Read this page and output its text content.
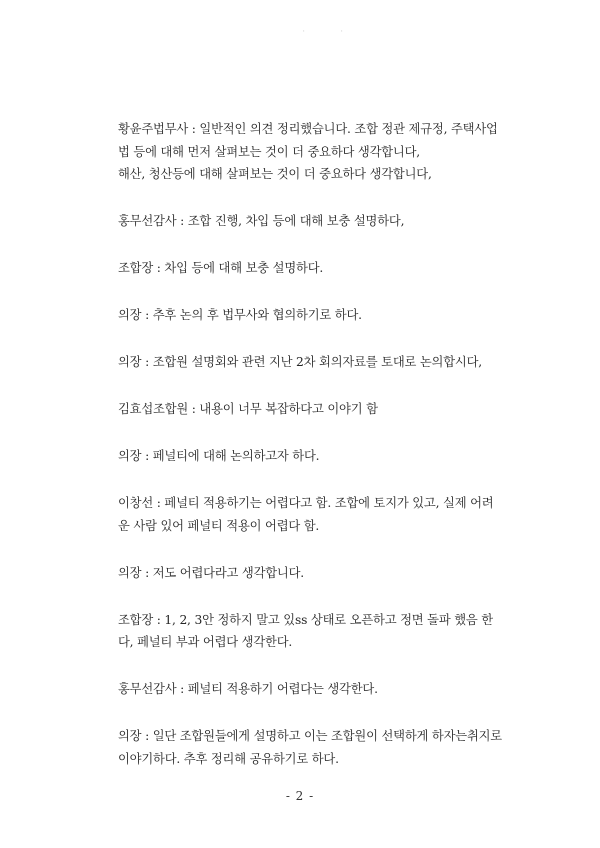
'	'

황윤주법무사 : 일반적인 의견 정리했습니다. 조합 정관 제규정, 주택사업
법 등에 대해 먼저 살펴보는 것이 더 중요하다 생각합니다,
해산, 청산등에 대해 살펴보는 것이 더 중요하다 생각합니다,

홍무선감사 : 조합 진행, 차입 등에 대해 보충 설명하다,

조합장 : 차입 등에 대해 보충 설명하다.

의장 : 추후 논의 후 법무사와 협의하기로 하다.

의장 : 조합원 설명회와 관련 지난 2차 회의자료를 토대로 논의합시다,

김효섭조합원 : 내용이 너무 복잡하다고 이야기 함

의장 : 페널티에 대해 논의하고자 하다.

이창선 : 페널티 적용하기는 어렵다고 함. 조합에 토지가 있고, 실제 어려
운 사람 있어 페널티 적용이 어렵다 함.

의장 : 저도 어렵다라고 생각합니다.

조합장 : 1, 2, 3안 정하지 말고 있ss 상태로 오픈하고 정면 돌파 했음 한
다, 페널티 부과 어렵다 생각한다.

홍무선감사 : 페널티 적용하기 어렵다는 생각한다.

의장 : 일단 조합원들에게 설명하고 이는 조합원이 선택하게 하자는취지로
이야기하다. 추후 정리해 공유하기로 하다.

- 2 -
